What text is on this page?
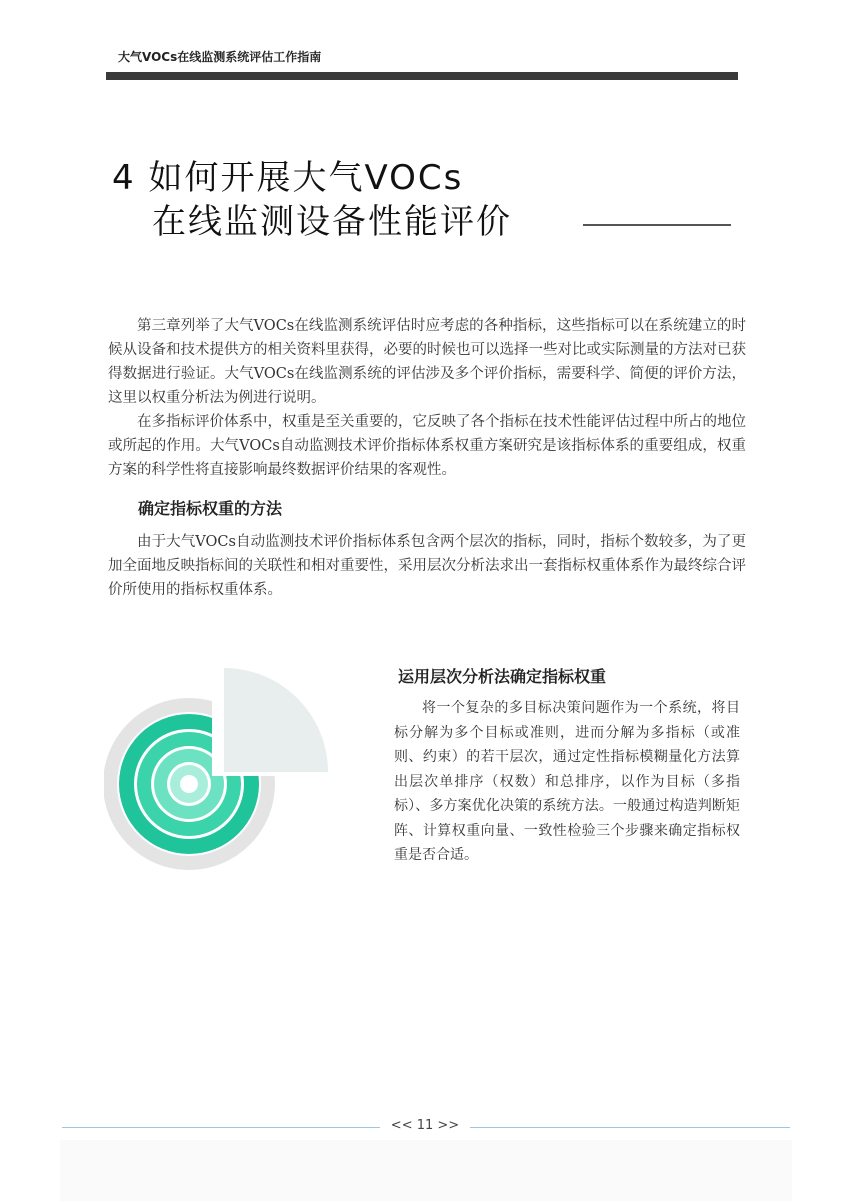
大气VOCs在线监测系统评估工作指南
4 如何开展大气VOCs
在线监测设备性能评价

第三章列举了大气VOCs在线监测系统评估时应考虑的各种指标，这些指标可以在系统建立的时候从设备和技术提供方的相关资料里获得，必要的时候也可以选择一些对比或实际测量的方法对已获得数据进行验证。大气VOCs在线监测系统的评估涉及多个评价指标，需要科学、简便的评价方法，这里以权重分析法为例进行说明。

在多指标评价体系中，权重是至关重要的，它反映了各个指标在技术性能评估过程中所占的地位或所起的作用。大气VOCs自动监测技术评价指标体系权重方案研究是该指标体系的重要组成，权重方案的科学性将直接影响最终数据评价结果的客观性。

确定指标权重的方法

由于大气VOCs自动监测技术评价指标体系包含两个层次的指标，同时，指标个数较多，为了更加全面地反映指标间的关联性和相对重要性，采用层次分析法求出一套指标权重体系作为最终综合评价所使用的指标权重体系。

运用层次分析法确定指标权重

将一个复杂的多目标决策问题作为一个系统，将目标分解为多个目标或准则，进而分解为多指标（或准则、约束）的若干层次，通过定性指标模糊量化方法算出层次单排序（权数）和总排序，以作为目标（多指标）、多方案优化决策的系统方法。一般通过构造判断矩阵、计算权重向量、一致性检验三个步骤来确定指标权重是否合适。

<< 11 >>
